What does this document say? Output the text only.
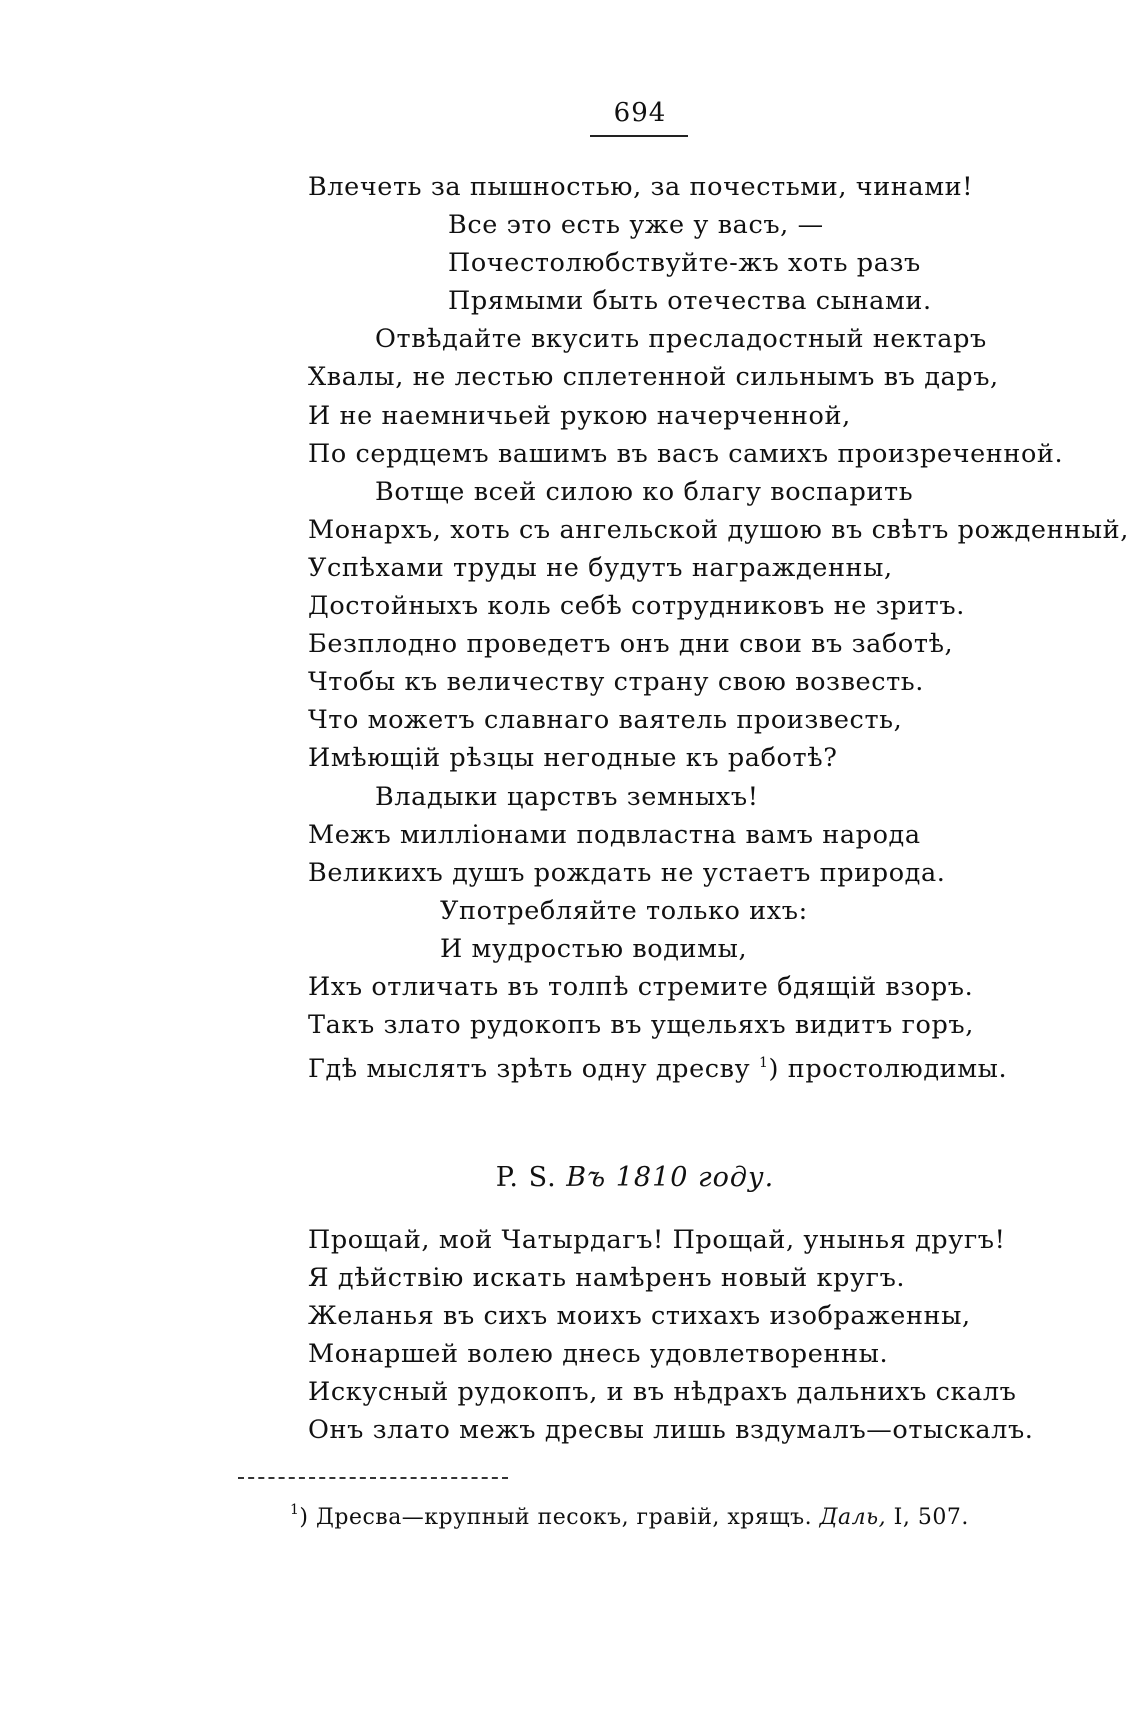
694
Влечеть за пышностью, за почестьми, чинами!
Все это есть уже у васъ, —
Почестолюбствуйте-жъ хоть разъ
Прямыми быть отечества сынами.
Отвѣдайте вкусить пресладостный нектаръ
Хвалы, не лестью сплетенной сильнымъ въ даръ,
И не наемничьей рукою начерченной,
По сердцемъ вашимъ въ васъ самихъ произреченной.
Вотще всей силою ко благу воспарить
Монархъ, хоть съ ангельской душою въ свѣтъ рожденный,
Успѣхами труды не будутъ награжденны,
Достойныхъ коль себѣ сотрудниковъ не зритъ.
Безплодно проведетъ онъ дни свои въ заботѣ,
Чтобы къ величеству страну свою возвесть.
Что можетъ славнаго ваятель произвесть,
Имѣющій рѣзцы негодные къ работѣ?
Владыки царствъ земныхъ!
Межъ милліонами подвластна вамъ народа
Великихъ душъ рождать не устаетъ природа.
Употребляйте только ихъ:
И мудростью водимы,
Ихъ отличать въ толпѣ стремите бдящій взоръ.
Такъ злато рудокопъ въ ущельяхъ видитъ горъ,
Гдѣ мыслятъ зрѣть одну дресву $^1$) простолюдимы.
P. S. Въ 1810 году.
Прощай, мой Чатырдагъ! Прощай, унынья другъ!
Я дѣйствію искать намѣренъ новый кругъ.
Желанья въ сихъ моихъ стихахъ изображенны,
Монаршей волею днесь удовлетворенны.
Искусный рудокопъ, и въ нѣдрахъ дальнихъ скалъ
Онъ злато межъ дресвы лишь вздумалъ—отыскалъ.
$^1$) Дресва—крупный песокъ, гравій, хрящъ. Даль, I, 507.
